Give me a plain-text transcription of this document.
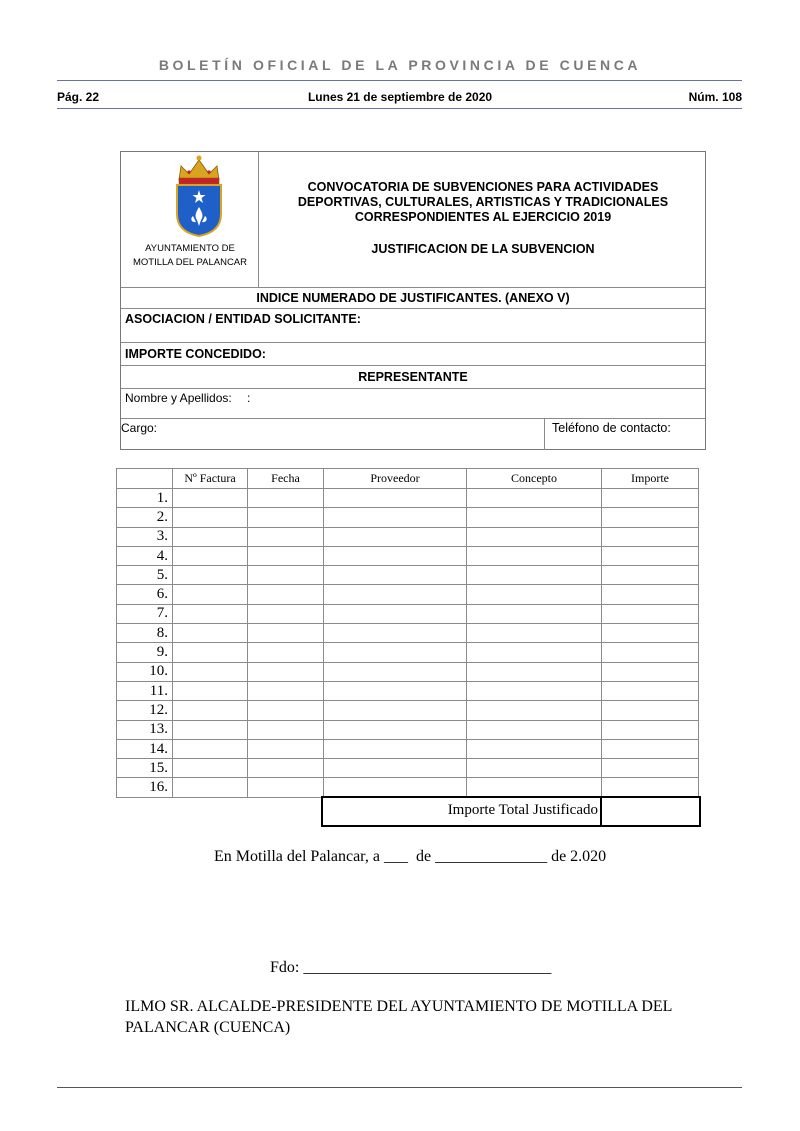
BOLETÍN OFICIAL DE LA PROVINCIA DE CUENCA
Pág. 22	Lunes 21 de septiembre de 2020	Núm. 108
AYUNTAMIENTO DE
MOTILLA DEL PALANCAR
CONVOCATORIA DE SUBVENCIONES PARA ACTIVIDADES
DEPORTIVAS, CULTURALES, ARTISTICAS Y TRADICIONALES
CORRESPONDIENTES AL EJERCICIO 2019
JUSTIFICACION DE LA SUBVENCION
INDICE NUMERADO DE JUSTIFICANTES. (ANEXO V)
ASOCIACION / ENTIDAD SOLICITANTE:
IMPORTE CONCEDIDO:
REPRESENTANTE
Nombre y Apellidos: :
Cargo:	Teléfono de contacto:
	Nº Factura	Fecha	Proveedor	Concepto	Importe
1.					
2.					
3.					
4.					
5.					
6.					
7.					
8.					
9.					
10.					
11.					
12.					
13.					
14.					
15.					
16.					
Importe Total Justificado
En Motilla del Palancar, a ___  de ______________ de 2.020
Fdo: _______________________________
ILMO SR. ALCALDE-PRESIDENTE DEL AYUNTAMIENTO DE MOTILLA DEL
PALANCAR (CUENCA)
